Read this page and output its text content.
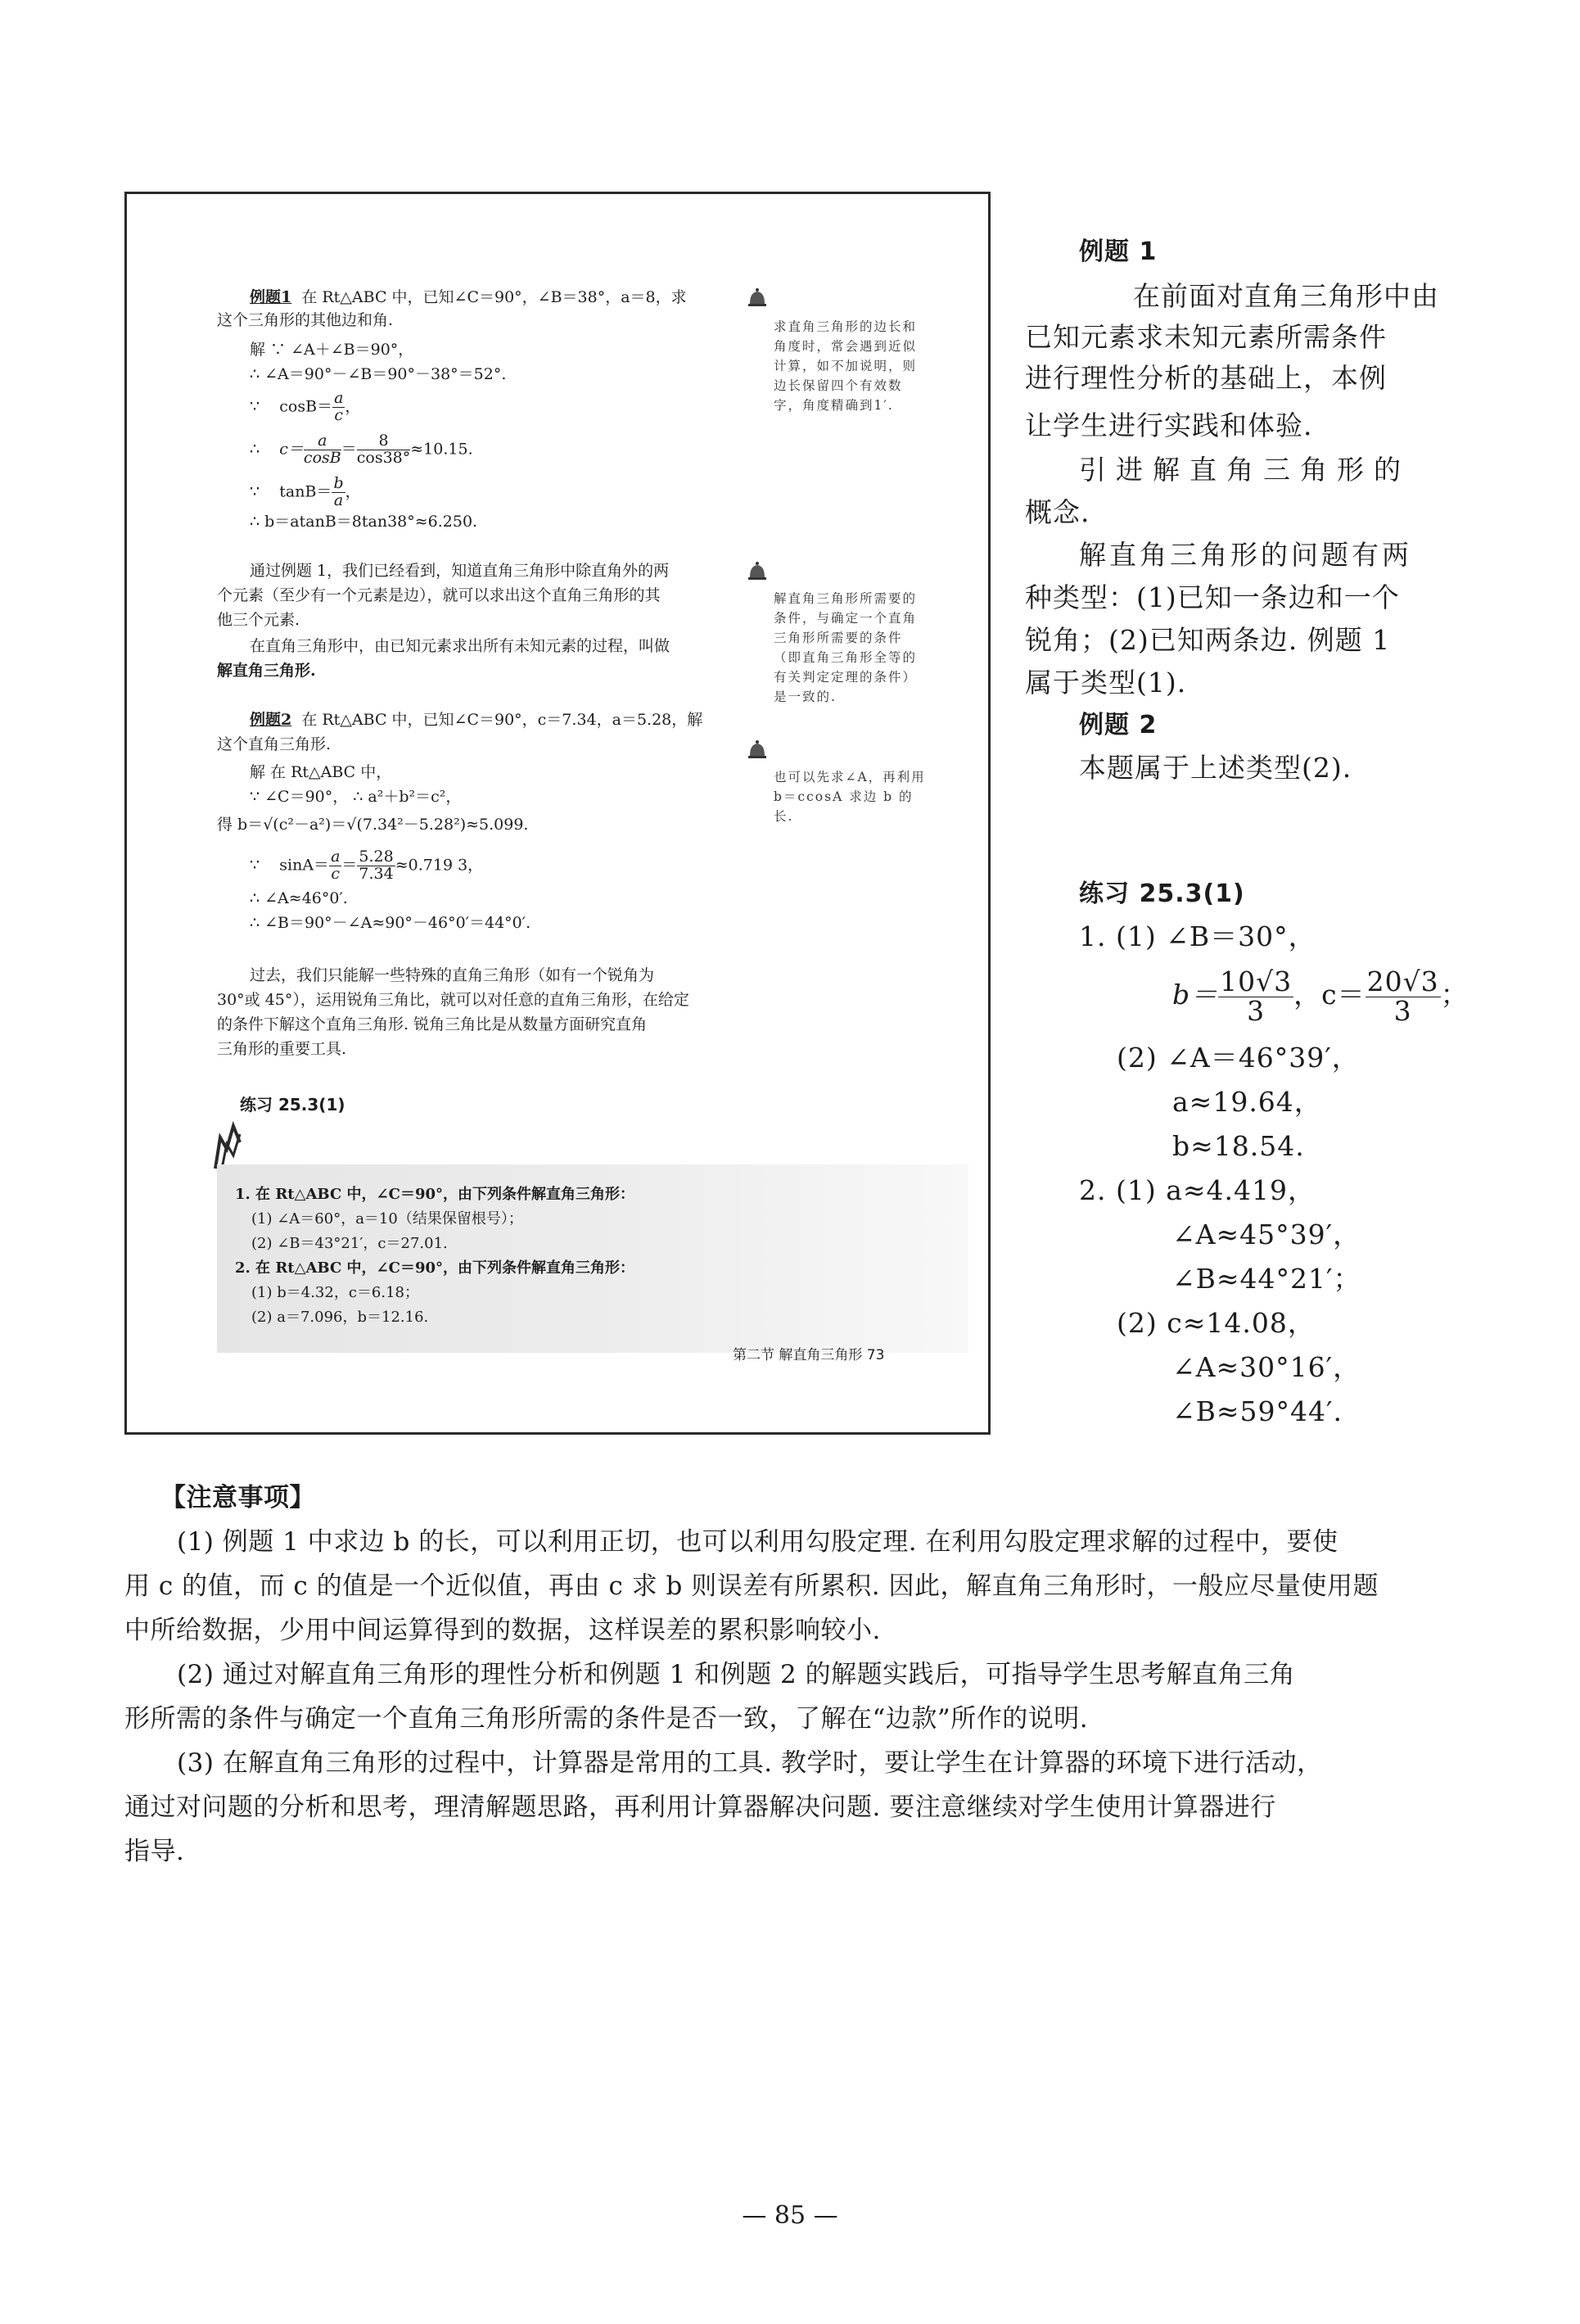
例题1 在 Rt△ABC 中，已知∠C＝90°，∠B＝38°，a＝8，求
这个三角形的其他边和角.
解 ∵ ∠A＋∠B＝90°，
∴ ∠A＝90°－∠B＝90°－38°＝52°.
∵ $\cos B= \frac{a}{c}$ ，
∴ $c= \frac{a}{\cos B} = \frac{8}{\cos 38^\circ} \approx 10.15$.
∵ $\tan B= \frac{b}{a}$ ，
∴ b＝atanB＝8tan38°≈6.250.
通过例题 1，我们已经看到，知道直角三角形中除直角外的两
个元素（至少有一个元素是边），就可以求出这个直角三角形的其
他三个元素.
在直角三角形中，由已知元素求出所有未知元素的过程，叫做
解直角三角形.
例题2 在 Rt△ABC 中，已知∠C＝90°，c＝7.34，a＝5.28，解
这个直角三角形.
解 在 Rt△ABC 中，
∵ ∠C＝90°， ∴ a²＋b²＝c²，
得 b＝√(c²－a²)＝√(7.34²－5.28²)≈5.099.
∵ $\sin A= \frac{a}{c} = \frac{5.28}{7.34} \approx 0.719$ 3，
∴ ∠A≈46°0′.
∴ ∠B＝90°－∠A≈90°－46°0′＝44°0′.
过去，我们只能解一些特殊的直角三角形（如有一个锐角为
30°或 45°），运用锐角三角比，就可以对任意的直角三角形，在给定
的条件下解这个直角三角形. 锐角三角比是从数量方面研究直角
三角形的重要工具.
求直角三角形的边长和角度时，常会遇到近似计算，如不加说明，则边长保留四个有效数字，角度精确到1′.
解直角三角形所需要的条件，与确定一个直角三角形所需要的条件（即直角三角形全等的有关判定定理的条件）是一致的.
也可以先求∠A，再利用 b＝ccosA 求边 b 的长.
练习 25.3(1)
1. 在 Rt△ABC 中，∠C＝90°，由下列条件解直角三角形：
(1) ∠A＝60°，a＝10（结果保留根号）；
(2) ∠B＝43°21′，c＝27.01.
2. 在 Rt△ABC 中，∠C＝90°，由下列条件解直角三角形：
(1) b＝4.32，c＝6.18；
(2) a＝7.096，b＝12.16.
第二节 解直角三角形 73
例题 1
在前面对直角三角形中由
已知元素求未知元素所需条件
进行理性分析的基础上，本例
让学生进行实践和体验.
引进解直角三角形的
概念.
解直角三角形的问题有两
种类型：(1)已知一条边和一个
锐角；(2)已知两条边. 例题 1
属于类型(1).
例题 2
本题属于上述类型(2).
练习 25.3(1)
1. (1) ∠B＝30°，
$b= \frac{10√3}{3}$ ，$c= \frac{20√3}{3}$ ；
(2) ∠A＝46°39′，
a≈19.64，
b≈18.54.
2. (1) a≈4.419，
∠A≈45°39′，
∠B≈44°21′；
(2) c≈14.08，
∠A≈30°16′，
∠B≈59°44′.
【注意事项】
(1) 例题 1 中求边 b 的长，可以利用正切，也可以利用勾股定理. 在利用勾股定理求解的过程中，要使
用 c 的值，而 c 的值是一个近似值，再由 c 求 b 则误差有所累积. 因此，解直角三角形时，一般应尽量使用题
中所给数据，少用中间运算得到的数据，这样误差的累积影响较小.
(2) 通过对解直角三角形的理性分析和例题 1 和例题 2 的解题实践后，可指导学生思考解直角三角
形所需的条件与确定一个直角三角形所需的条件是否一致，了解在“边款”所作的说明.
(3) 在解直角三角形的过程中，计算器是常用的工具. 教学时，要让学生在计算器的环境下进行活动，
通过对问题的分析和思考，理清解题思路，再利用计算器解决问题. 要注意继续对学生使用计算器进行
指导.
— 85 —
